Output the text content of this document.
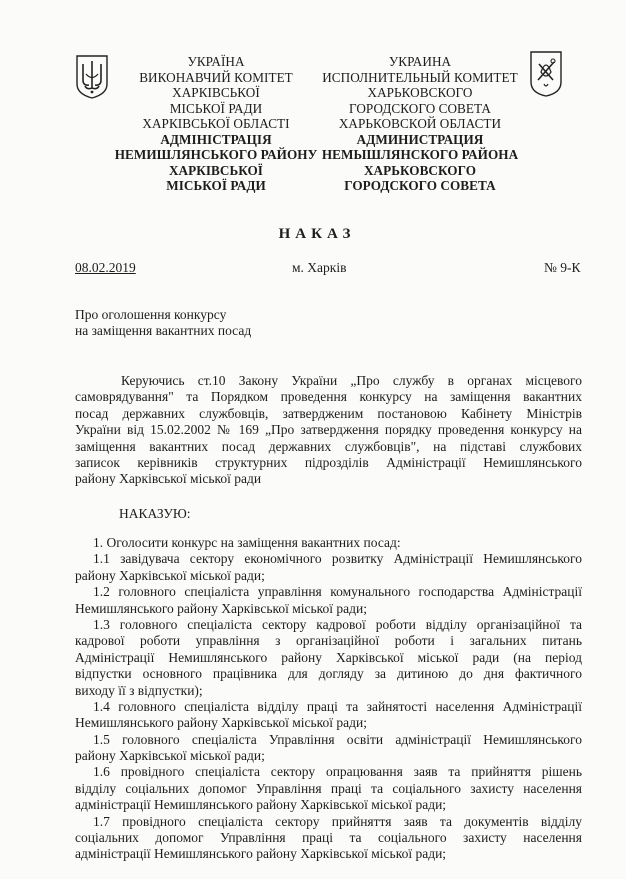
УКРАЇНА
ВИКОНАВЧИЙ КОМІТЕТ
ХАРКІВСЬКОЇ
МІСЬКОЇ РАДИ
ХАРКІВСЬКОЇ ОБЛАСТІ
АДМІНІСТРАЦІЯ
НЕМИШЛЯНСЬКОГО РАЙОНУ
ХАРКІВСЬКОЇ
МІСЬКОЇ РАДИ
УКРАИНА
ИСПОЛНИТЕЛЬНЫЙ КОМИТЕТ
ХАРЬКОВСКОГО
ГОРОДСКОГО СОВЕТА
ХАРЬКОВСКОЙ ОБЛАСТИ
АДМИНИСТРАЦИЯ
НЕМЫШЛЯНСКОГО РАЙОНА
ХАРЬКОВСКОГО
ГОРОДСКОГО СОВЕТА
НАКАЗ
08.02.2019	м. Харків	№ 9-К
Про оголошення конкурсу
на заміщення вакантних посад
Керуючись ст.10 Закону України „Про службу в органах місцевого
самоврядування" та Порядком проведення конкурсу на заміщення вакантних
посад державних службовців, затвердженим постановою Кабінету Міністрів
України від 15.02.2002 № 169 „Про затвердження порядку проведення конкурсу на
заміщення вакантних посад державних службовців", на підставі службових
записок керівників структурних підрозділів Адміністрації Немишлянського
району Харківської міської ради
НАКАЗУЮ:
1. Оголосити конкурс на заміщення вакантних посад:
1.1 завідувача сектору економічного розвитку Адміністрації Немишлянського
району Харківської міської ради;
1.2 головного спеціаліста управління комунального господарства Адміністрації
Немишлянського району Харківської міської ради;
1.3 головного спеціаліста сектору кадрової роботи відділу організаційної та
кадрової роботи управління з організаційної роботи і загальних питань
Адміністрації Немишлянського району Харківської міської ради (на період
відпустки основного працівника для догляду за дитиною до дня фактичного
виходу її з відпустки);
1.4 головного спеціаліста відділу праці та зайнятості населення Адміністрації
Немишлянського району Харківської міської ради;
1.5 головного спеціаліста Управління освіти адміністрації Немишлянського
району Харківської міської ради;
1.6 провідного спеціаліста сектору опрацювання заяв та прийняття рішень
відділу соціальних допомог Управління праці та соціального захисту населення
адміністрації Немишлянського району Харківської міської ради;
1.7 провідного спеціаліста сектору прийняття заяв та документів відділу
соціальних допомог Управління праці та соціального захисту населення
адміністрації Немишлянського району Харківської міської ради;
